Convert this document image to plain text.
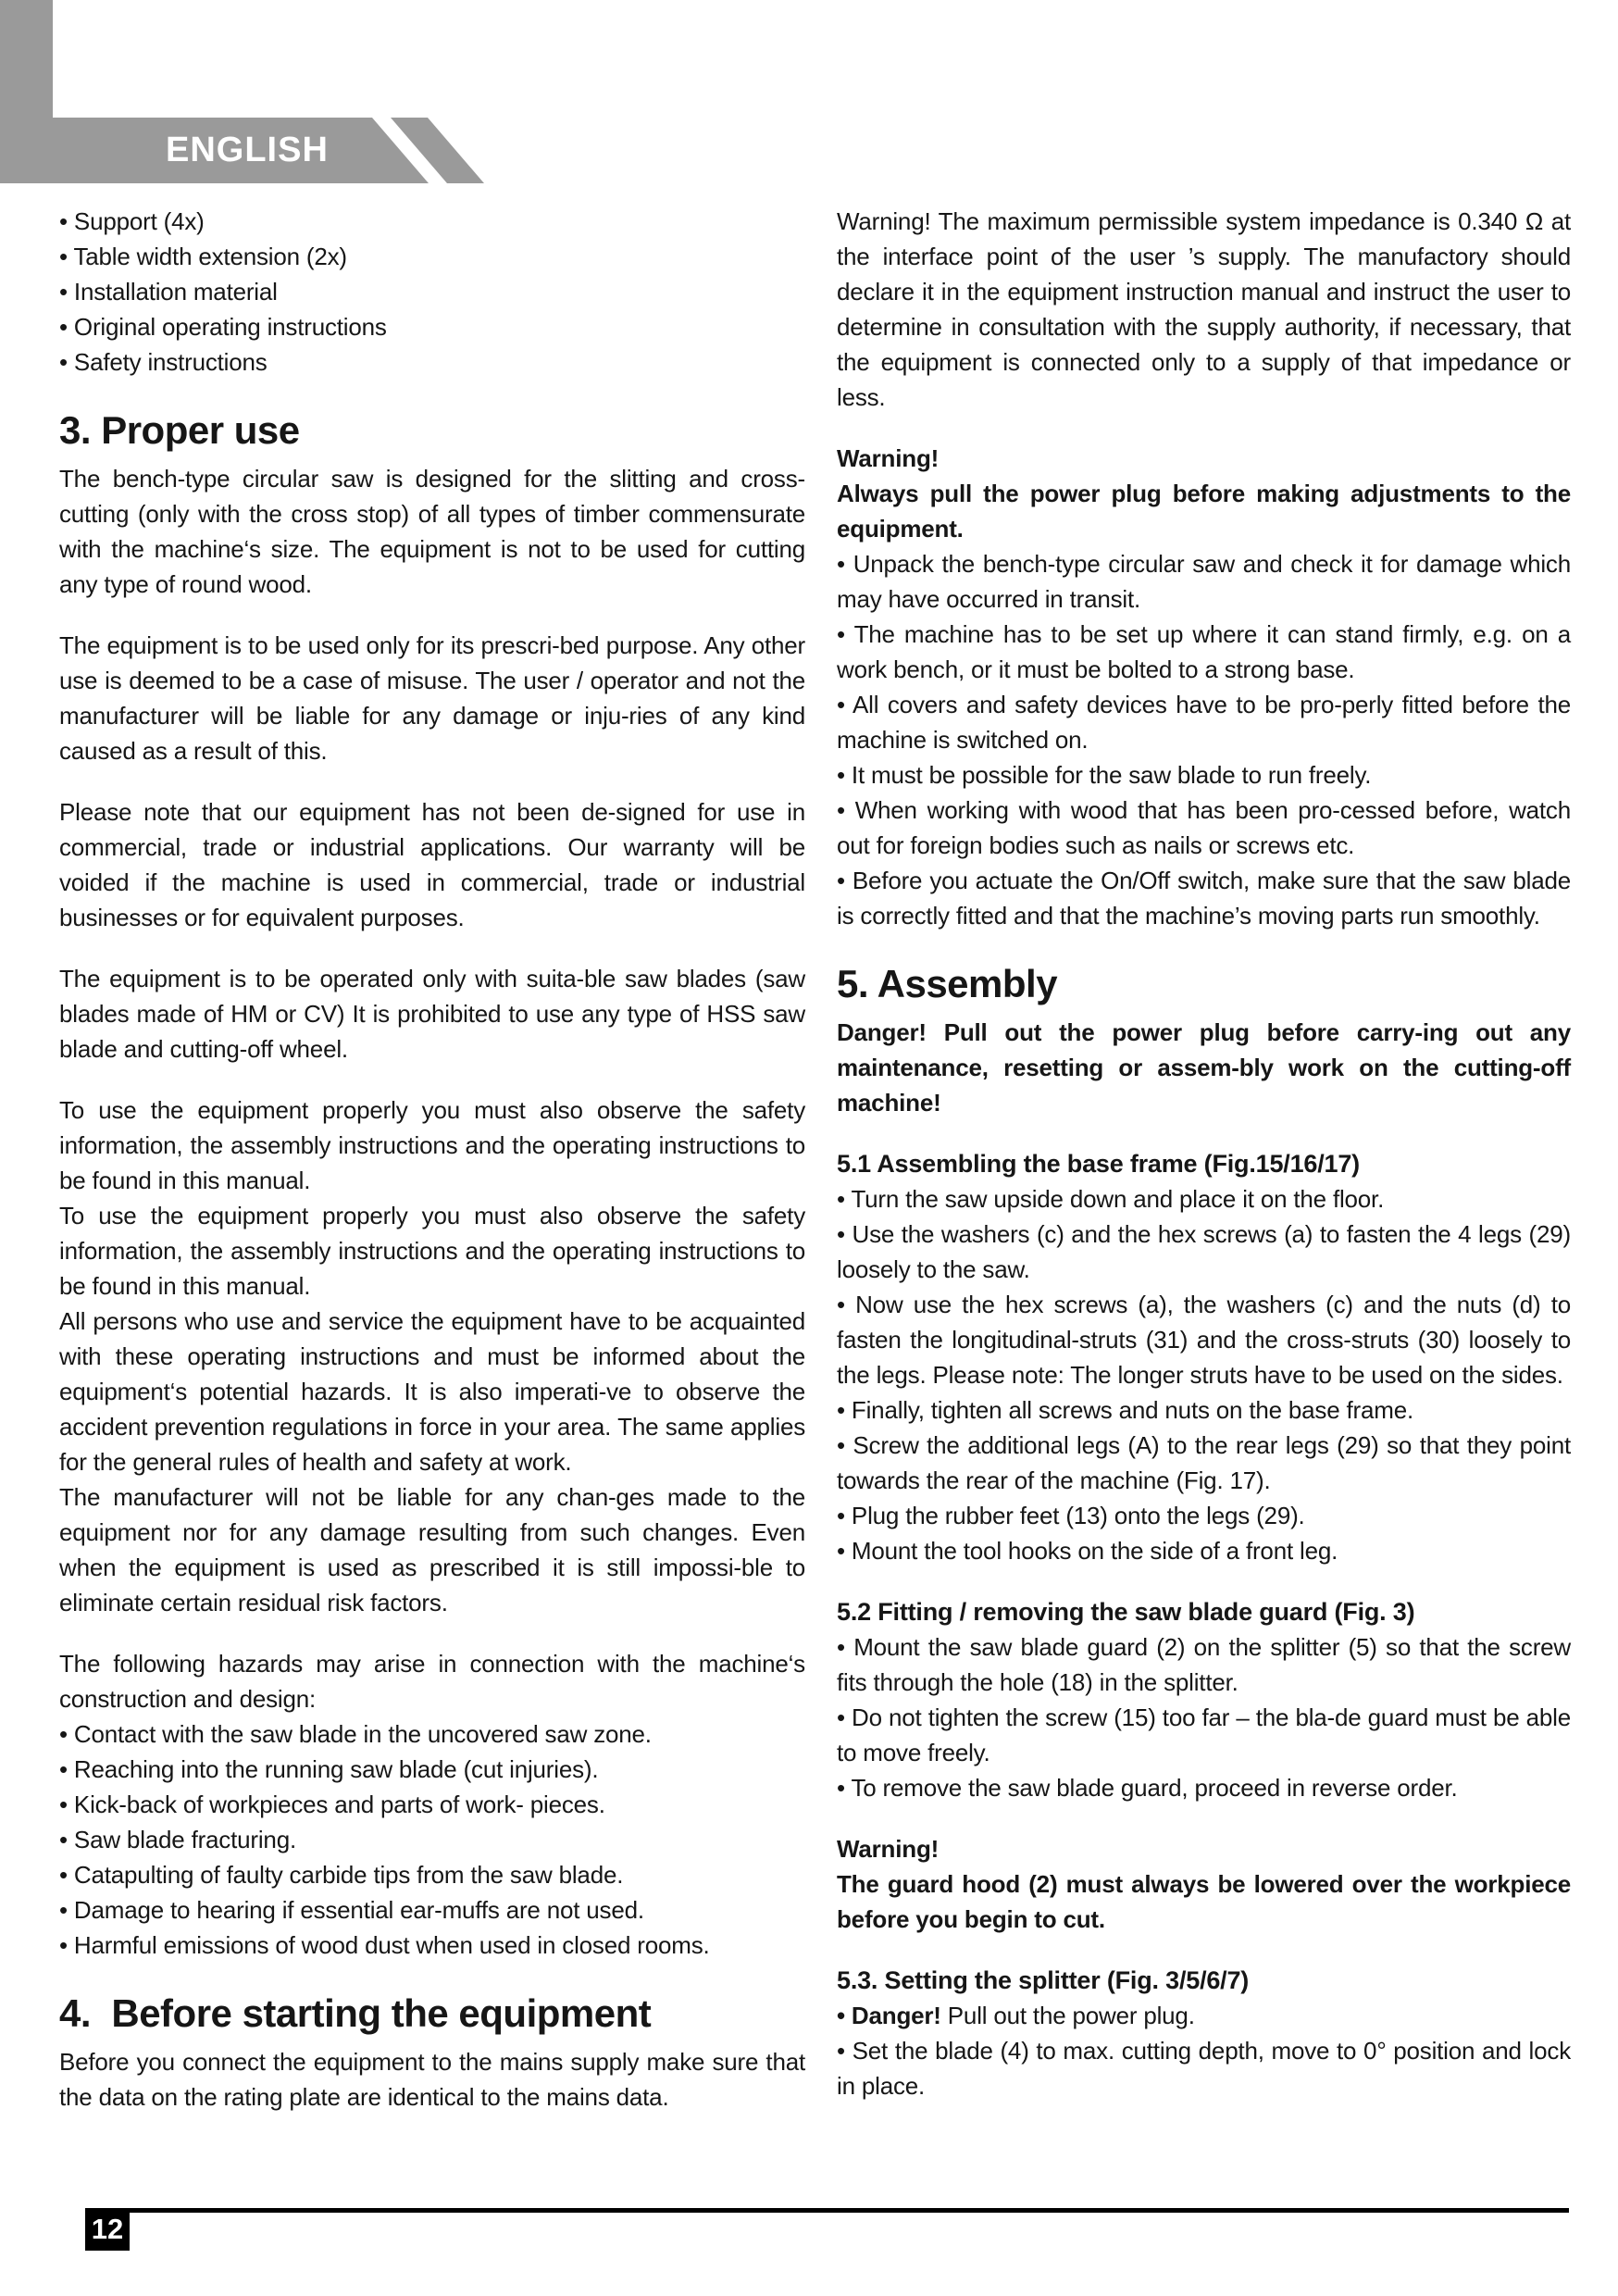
ENGLISH
• Support (4x)
• Table width extension (2x)
• Installation material
• Original operating instructions
• Safety instructions
3. Proper use
The bench-type circular saw is designed for the slitting and cross-cutting (only with the cross stop) of all types of timber commensurate with the machine‘s size. The equipment is not to be used for cutting any type of round wood.
The equipment is to be used only for its prescri-bed purpose. Any other use is deemed to be a case of misuse. The user / operator and not the manufacturer will be liable for any damage or inju-ries of any kind caused as a result of this.
Please note that our equipment has not been de-signed for use in commercial, trade or industrial applications. Our warranty will be voided if the machine is used in commercial, trade or industrial businesses or for equivalent purposes.
The equipment is to be operated only with suita-ble saw blades (saw blades made of HM or CV) It is prohibited to use any type of HSS saw blade and cutting-off wheel.
To use the equipment properly you must also observe the safety information, the assembly instructions and the operating instructions to be found in this manual.
To use the equipment properly you must also observe the safety information, the assembly instructions and the operating instructions to be found in this manual.
All persons who use and service the equipment have to be acquainted with these operating instructions and must be informed about the equipment‘s potential hazards. It is also imperati-ve to observe the accident prevention regulations in force in your area. The same applies for the general rules of health and safety at work.
The manufacturer will not be liable for any chan-ges made to the equipment nor for any damage resulting from such changes. Even when the equipment is used as prescribed it is still impossi-ble to eliminate certain residual risk factors.
The following hazards may arise in connection with the machine‘s construction and design:
• Contact with the saw blade in the uncovered saw zone.
• Reaching into the running saw blade (cut injuries).
• Kick-back of workpieces and parts of work- pieces.
• Saw blade fracturing.
• Catapulting of faulty carbide tips from the saw blade.
• Damage to hearing if essential ear-muffs are not used.
• Harmful emissions of wood dust when used in closed rooms.
4.  Before starting the equipment
Before you connect the equipment to the mains supply make sure that the data on the rating plate are identical to the mains data.
Warning! The maximum permissible system impedance is 0.340 Ω at the interface point of the user ’s supply. The manufactory should declare it in the equipment instruction manual and instruct the user to determine in consultation with the supply authority, if necessary, that the equipment is connected only to a supply of that impedance or less.
Warning!
Always pull the power plug before making adjustments to the equipment.
• Unpack the bench-type circular saw and check it for damage which may have occurred in transit.
• The machine has to be set up where it can stand firmly, e.g. on a work bench, or it must be bolted to a strong base.
• All covers and safety devices have to be pro-perly fitted before the machine is switched on.
• It must be possible for the saw blade to run freely.
• When working with wood that has been pro-cessed before, watch out for foreign bodies such as nails or screws etc.
• Before you actuate the On/Off switch, make sure that the saw blade is correctly fitted and that the machine’s moving parts run smoothly.
5. Assembly
Danger! Pull out the power plug before carry-ing out any maintenance, resetting or assem-bly work on the cutting-off machine!
5.1 Assembling the base frame (Fig.15/16/17)
• Turn the saw upside down and place it on the floor.
• Use the washers (c) and the hex screws (a) to fasten the 4 legs (29) loosely to the saw.
• Now use the hex screws (a), the washers (c) and the nuts (d) to fasten the longitudinal-struts (31) and the cross-struts (30) loosely to the legs. Please note: The longer struts have to be used on the sides.
• Finally, tighten all screws and nuts on the base frame.
• Screw the additional legs (A) to the rear legs (29) so that they point towards the rear of the machine (Fig. 17).
• Plug the rubber feet (13) onto the legs (29).
• Mount the tool hooks on the side of a front leg.
5.2 Fitting / removing the saw blade guard (Fig. 3)
• Mount the saw blade guard (2) on the splitter (5) so that the screw fits through the hole (18) in the splitter.
• Do not tighten the screw (15) too far – the bla-de guard must be able to move freely.
• To remove the saw blade guard, proceed in reverse order.
Warning!
The guard hood (2) must always be lowered over the workpiece before you begin to cut.
5.3. Setting the splitter (Fig. 3/5/6/7)
• Danger! Pull out the power plug.
• Set the blade (4) to max. cutting depth, move to 0° position and lock in place.
12
